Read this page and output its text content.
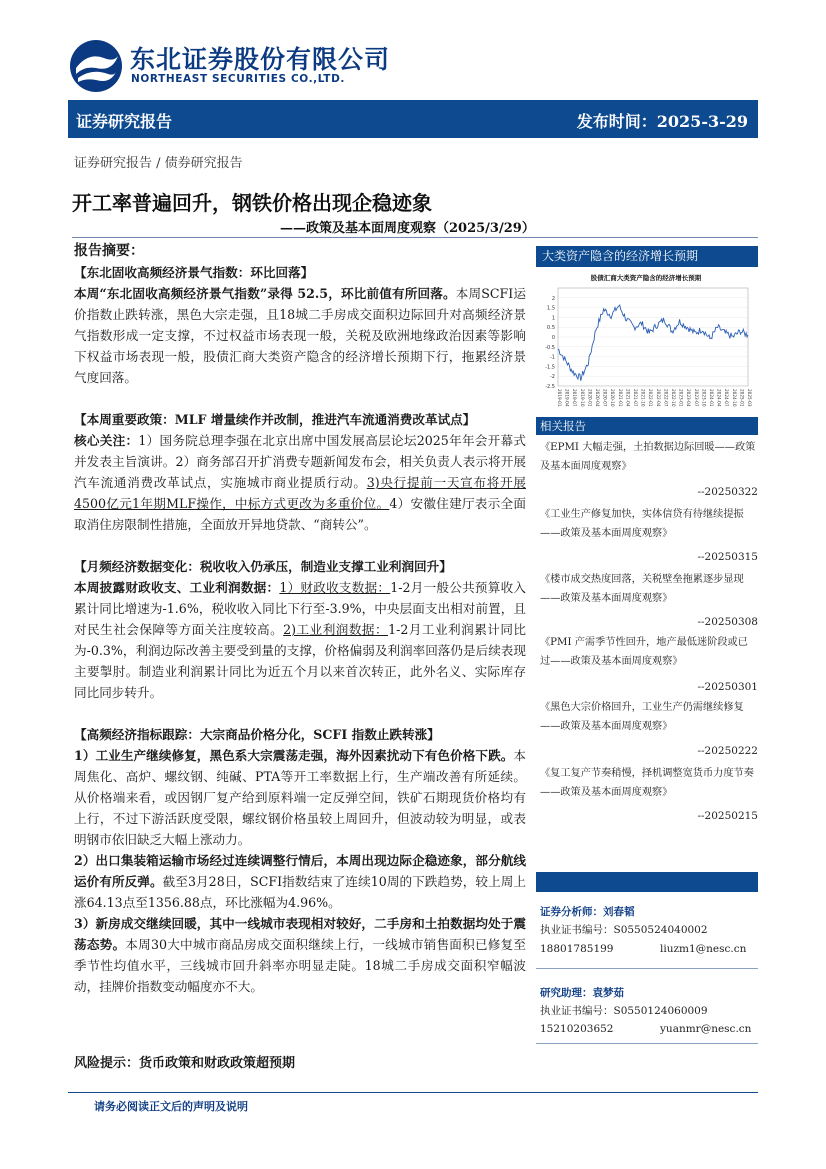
东北证券股份有限公司
NORTHEAST SECURITIES CO.,LTD.
证券研究报告	发布时间：2025-3-29
证券研究报告 / 债券研究报告
开工率普遍回升，钢铁价格出现企稳迹象
——政策及基本面周度观察（2025/3/29）
报告摘要：

【东北固收高频经济景气指数：环比回落】

本周“东北固收高频经济景气指数”录得 52.5，环比前值有所回落。本周SCFI运价指数止跌转涨，黑色大宗走强，且18城二手房成交面积边际回升对高频经济景气指数形成一定支撑，不过权益市场表现一般，关税及欧洲地缘政治因素等影响下权益市场表现一般，股债汇商大类资产隐含的经济增长预期下行，拖累经济景气度回落。

【本周重要政策：MLF 增量续作并改制，推进汽车流通消费改革试点】

核心关注：1）国务院总理李强在北京出席中国发展高层论坛2025年年会开幕式并发表主旨演讲。2）商务部召开扩消费专题新闻发布会，相关负责人表示将开展汽车流通消费改革试点，实施城市商业提质行动。3)央行提前一天宣布将开展4500亿元1年期MLF操作，中标方式更改为多重价位。4）安徽住建厅表示全面取消住房限制性措施，全面放开异地贷款、“商转公”。

【月频经济数据变化：税收收入仍承压，制造业支撑工业利润回升】

本周披露财政收支、工业利润数据：1）财政收支数据：1-2月一般公共预算收入累计同比增速为-1.6%，税收收入同比下行至-3.9%，中央层面支出相对前置，且对民生社会保障等方面关注度较高。2)工业利润数据：1-2月工业利润累计同比为-0.3%，利润边际改善主要受到量的支撑，价格偏弱及利润率回落仍是后续表现主要掣肘。制造业利润累计同比为近五个月以来首次转正，此外名义、实际库存同比同步转升。

【高频经济指标跟踪：大宗商品价格分化，SCFI 指数止跌转涨】

1）工业生产继续修复，黑色系大宗震荡走强，海外因素扰动下有色价格下跌。本周焦化、高炉、螺纹钢、纯碱、PTA等开工率数据上行，生产端改善有所延续。从价格端来看，或因钢厂复产给到原料端一定反弹空间，铁矿石期现货价格均有上行，不过下游活跃度受限，螺纹钢价格虽较上周回升，但波动较为明显，或表明钢市依旧缺乏大幅上涨动力。

2）出口集装箱运输市场经过连续调整行情后，本周出现边际企稳迹象，部分航线运价有所反弹。截至3月28日，SCFI指数结束了连续10周的下跌趋势，较上周上涨64.13点至1356.88点，环比涨幅为4.96%。

3）新房成交继续回暖，其中一线城市表现相对较好，二手房和土拍数据均处于震荡态势。本周30大中城市商品房成交面积继续上行，一线城市销售面积已修复至季节性均值水平，三线城市回升斜率亦明显走陡。18城二手房成交面积窄幅波动，挂牌价指数变动幅度亦不大。

风险提示：货币政策和财政政策超预期
大类资产隐含的经济增长预期
股债汇商大类资产隐含的经济增长预期
2
1.5
1
0.5
0
-0.5
-1
-1.5
-2
-2.5
2019-01 2019-04 2019-07 2019-10 2020-01 2020-04 2020-07 2020-10 2021-01 2021-04 2021-07 2021-10 2022-01 2022-04 2022-07 2022-10 2023-01 2023-04 2023-07 2023-10 2024-01 2024-04 2024-07 2024-10 2025-01 2025-03
相关报告
《EPMI 大幅走强，土拍数据边际回暖——政策及基本面周度观察》
--20250322
《工业生产修复加快，实体信贷有待继续提振——政策及基本面周度观察》
--20250315
《楼市成交热度回落，关税壁垒拖累逐步显现——政策及基本面周度观察》
--20250308
《PMI 产需季节性回升，地产最低迷阶段或已过——政策及基本面周度观察》
--20250301
《黑色大宗价格回升，工业生产仍需继续修复——政策及基本面周度观察》
--20250222
《复工复产节奏稍慢，择机调整宽货币力度节奏——政策及基本面周度观察》
--20250215
证券分析师：刘春韬
执业证书编号：S0550524040002
18801785199	liuzm1@nesc.cn
研究助理：袁梦茹
执业证书编号：S0550124060009
15210203652	yuanmr@nesc.cn
请务必阅读正文后的声明及说明
